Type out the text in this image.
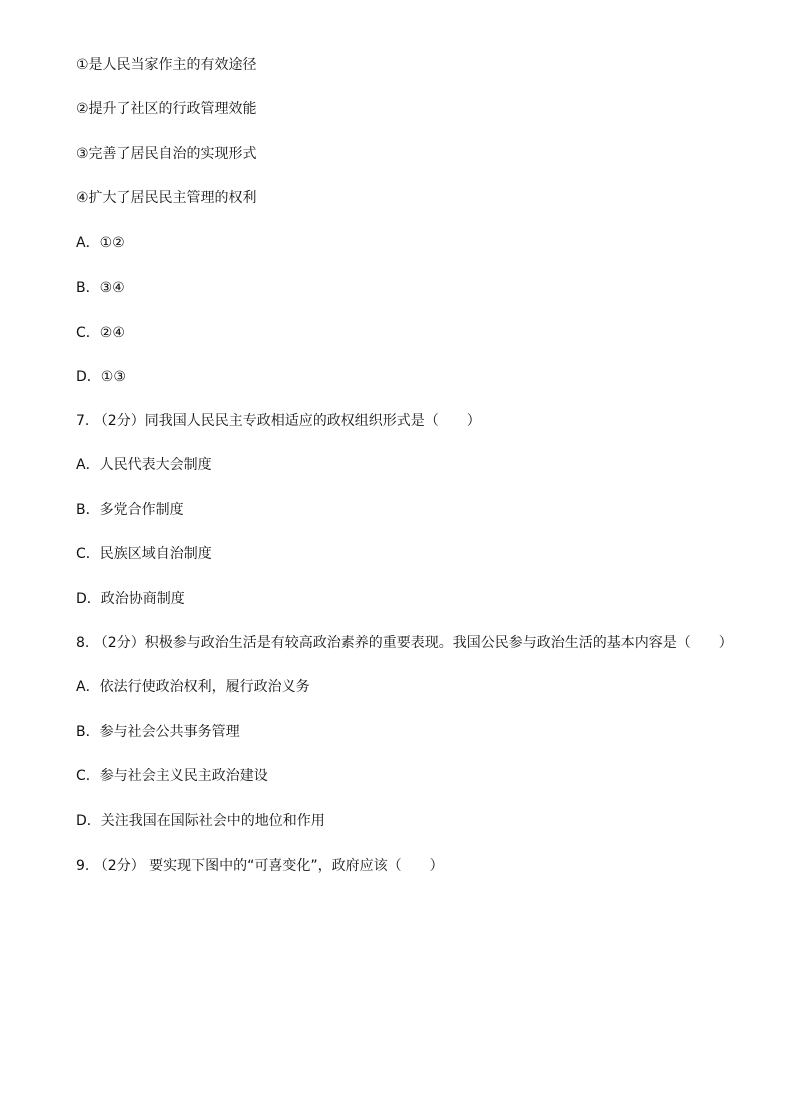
①是人民当家作主的有效途径
②提升了社区的行政管理效能
③完善了居民自治的实现形式
④扩大了居民民主管理的权利
A．①②
B．③④
C．②④
D．①③
7. （2分）同我国人民民主专政相适应的政权组织形式是（　　）
A．人民代表大会制度
B．多党合作制度
C．民族区域自治制度
D．政治协商制度
8. （2分）积极参与政治生活是有较高政治素养的重要表现。我国公民参与政治生活的基本内容是（　　）
A．依法行使政治权利，履行政治义务
B．参与社会公共事务管理
C．参与社会主义民主政治建设
D．关注我国在国际社会中的地位和作用
9. （2分） 要实现下图中的“可喜变化”，政府应该（　　）
